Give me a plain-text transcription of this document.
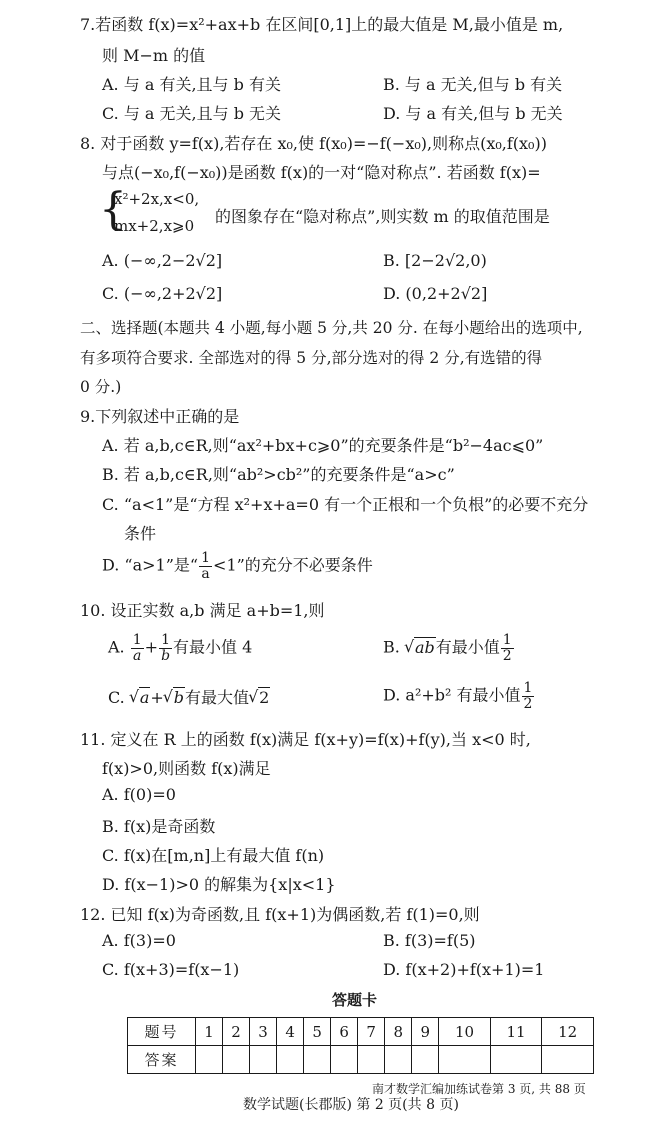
7.若函数 f(x)=x²+ax+b 在区间[0,1]上的最大值是 M,最小值是 m,
则 M−m 的值
A. 与 a 有关,且与 b 有关	B. 与 a 无关,但与 b 有关
C. 与 a 无关,且与 b 无关	D. 与 a 有关,但与 b 无关
8. 对于函数 y=f(x),若存在 x₀,使 f(x₀)=−f(−x₀),则称点(x₀,f(x₀))
与点(−x₀,f(−x₀))是函数 f(x)的一对“隐对称点”. 若函数 f(x)=
{
x²+2x,x<0,
mx+2,x⩾0 的图象存在“隐对称点”,则实数 m 的取值范围是
A. (−∞,2−2√2]	B. [2−2√2,0)
C. (−∞,2+2√2]	D. (0,2+2√2]
二、选择题(本题共 4 小题,每小题 5 分,共 20 分. 在每小题给出的选项中,
有多项符合要求. 全部选对的得 5 分,部分选对的得 2 分,有选错的得
0 分.)
9.下列叙述中正确的是
A. 若 a,b,c∈R,则“ax²+bx+c⩾0”的充要条件是“b²−4ac⩽0”
B. 若 a,b,c∈R,则“ab²>cb²”的充要条件是“a>c”
C. “a<1”是“方程 x²+x+a=0 有一个正根和一个负根”的必要不充分
条件
D. “a>1”是“ $\frac{1}{a} <1$”的充分不必要条件
10. 设正实数 a,b 满足 a+b=1,则
A. $\frac{1}{a} + \frac{1}{b}$ 有最小值 4	B. √ ab有最小值 $\frac{1}{2}$
C. √ a+ √ b有最大值 √ 2	D. a²+b² 有最小值 $\frac{1}{2}$
11. 定义在 R 上的函数 f(x)满足 f(x+y)=f(x)+f(y),当 x<0 时,
f(x)>0,则函数 f(x)满足
A. f(0)=0
B. f(x)是奇函数
C. f(x)在[m,n]上有最大值 f(n)
D. f(x−1)>0 的解集为{x|x<1}
12. 已知 f(x)为奇函数,且 f(x+1)为偶函数,若 f(1)=0,则
A. f(3)=0	B. f(3)=f(5)
C. f(x+3)=f(x−1)	D. f(x+2)+f(x+1)=1
答题卡
题号	1	2	3	4	5	6	7	8	9	10	11	12
答案												
南才数学汇编加练试卷第 3 页, 共 88 页
数学试题(长郡版) 第 2 页(共 8 页)
